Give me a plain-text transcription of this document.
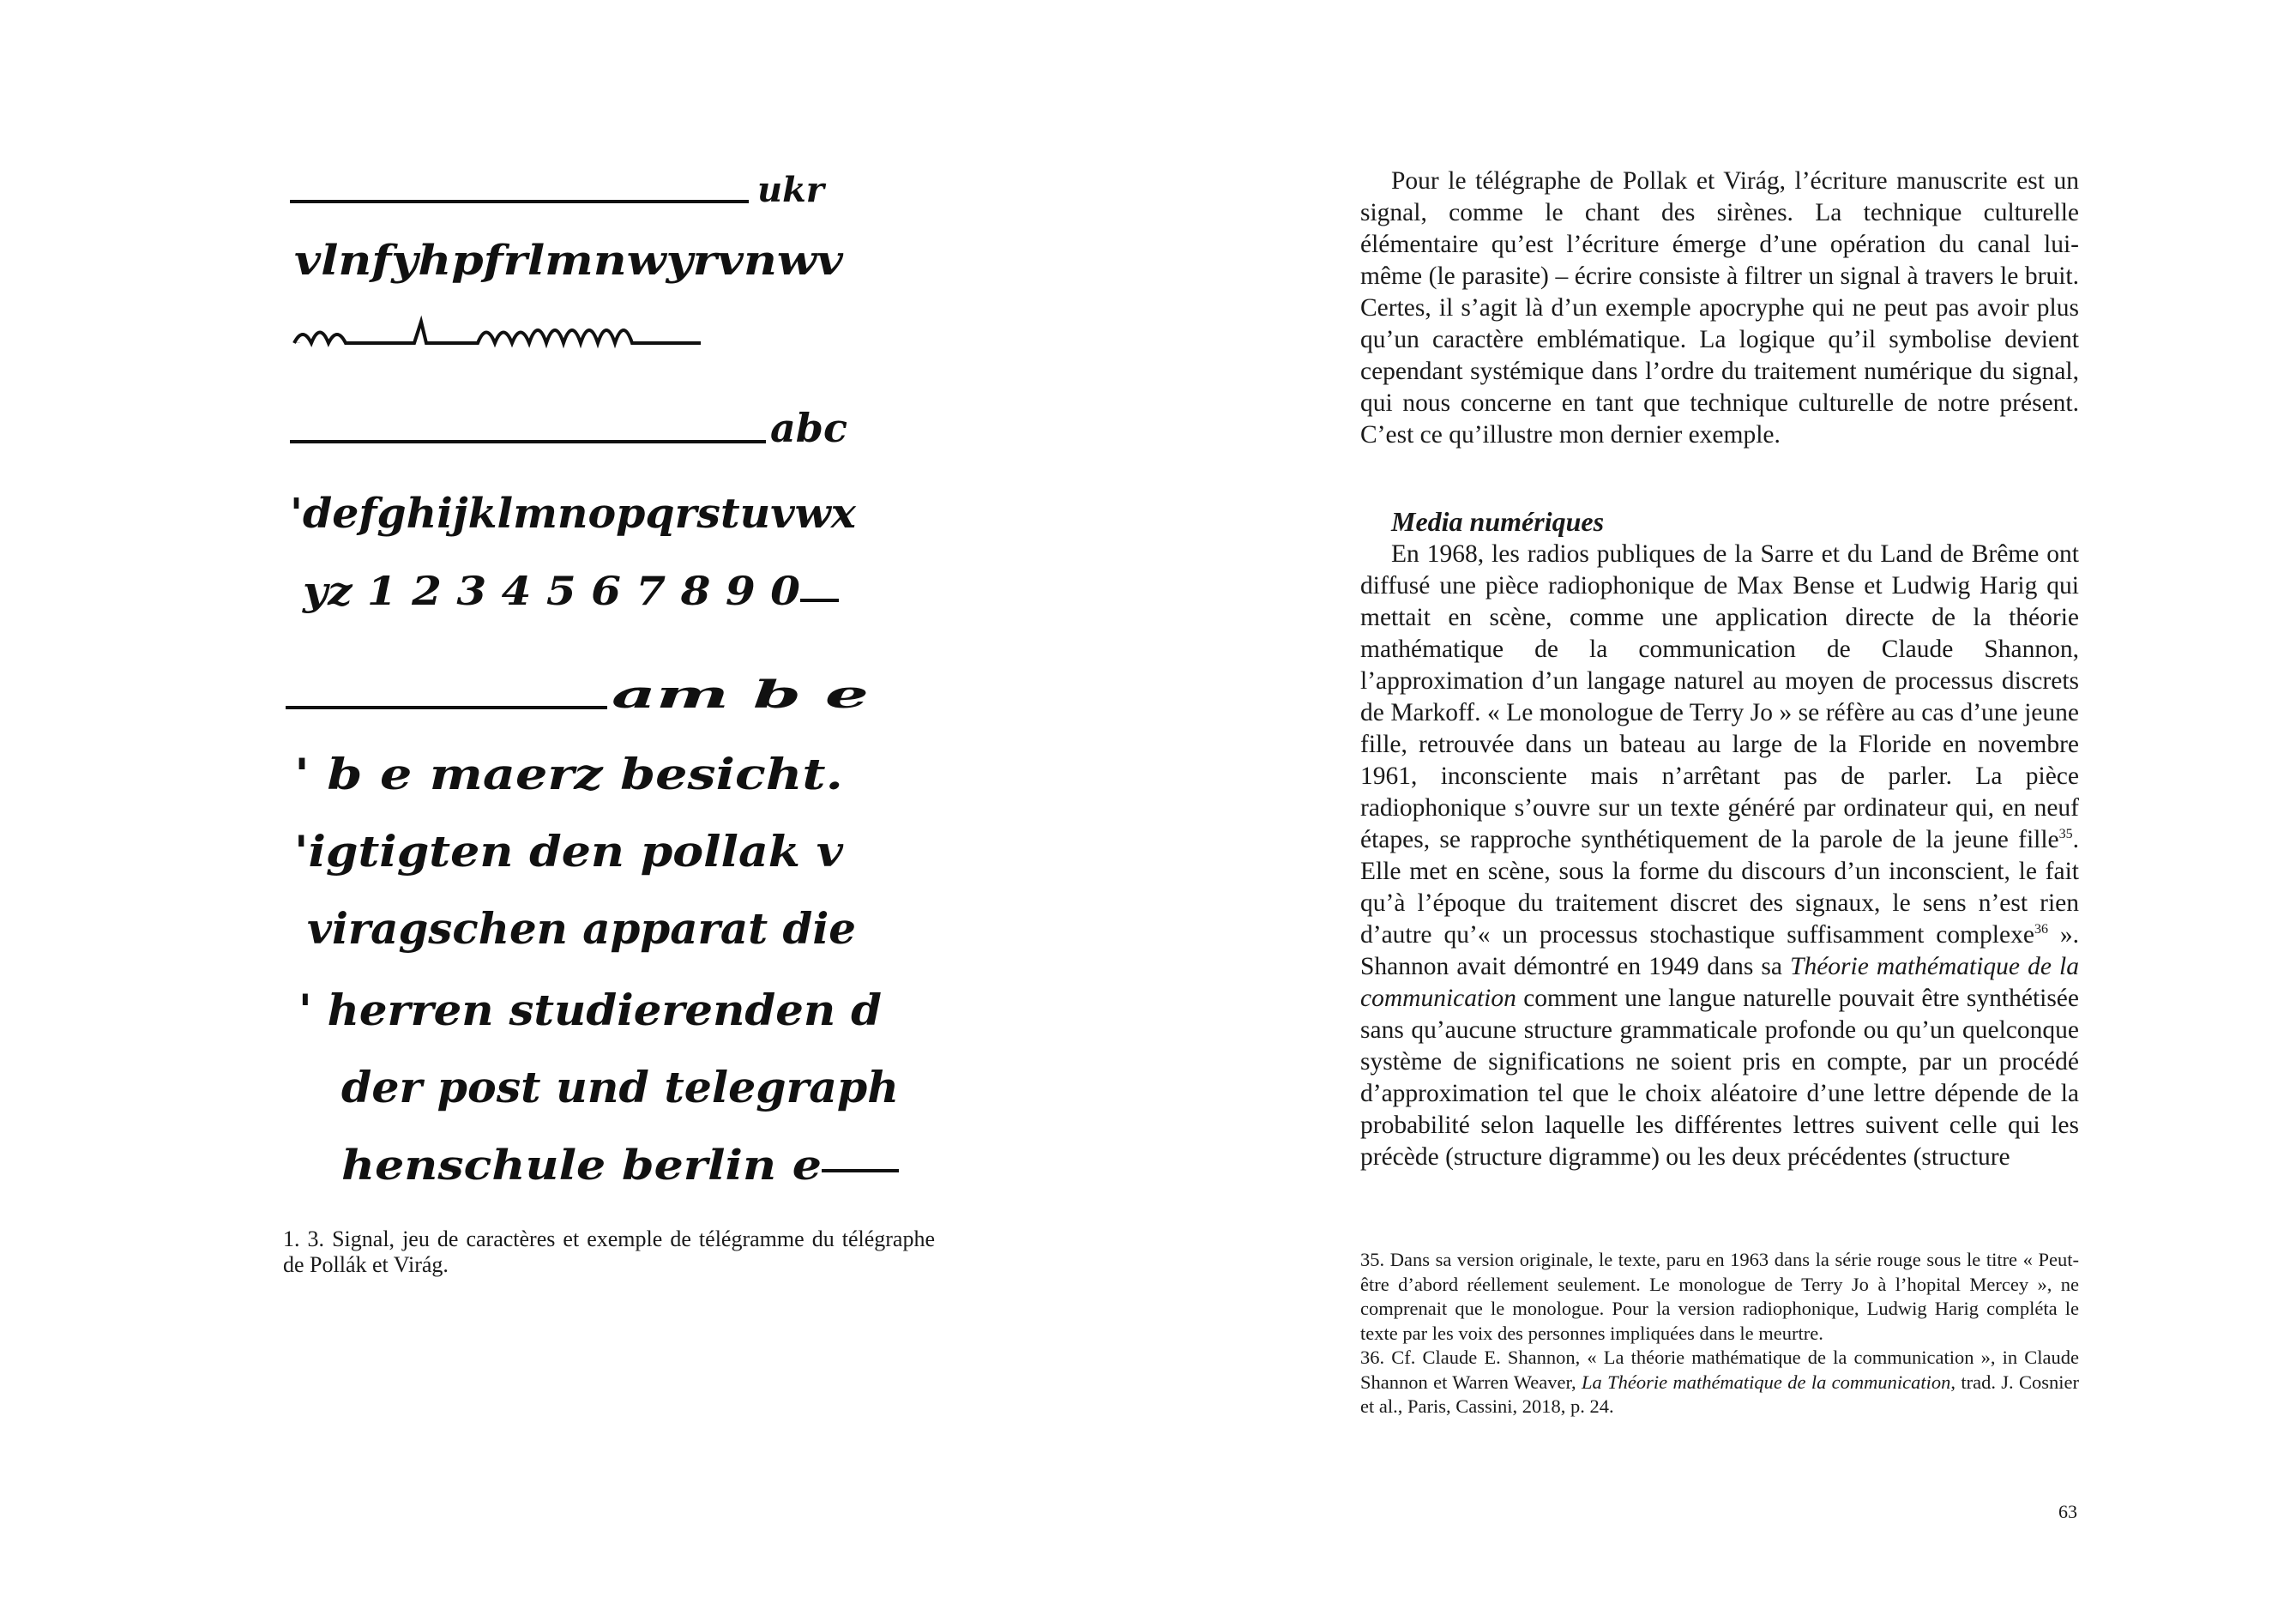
ukr
vlnfyhpfrlmnwyrvnwv
nyn f nn nM
abc
'defghijklmnopqrstuvwx
yz 1 2 3 4 5 6 7 8 9 0
am b e
' b e maerz besicht.
'igtigten den pollak v
viragschen apparat die
' herren studierenden d
der post und telegraph
henschule berlin e

1. 3. Signal, jeu de caractères et exemple de télégramme du télégraphe de Pollák et Virág.

Pour le télégraphe de Pollak et Virág, l’écriture manuscrite est un signal, comme le chant des sirènes. La technique culturelle élémentaire qu’est l’écriture émerge d’une opération du canal lui-même (le parasite) – écrire consiste à filtrer un signal à travers le bruit. Certes, il s’agit là d’un exemple apocryphe qui ne peut pas avoir plus qu’un caractère emblématique. La logique qu’il symbolise devient cependant systémique dans l’ordre du traitement numérique du signal, qui nous concerne en tant que technique culturelle de notre présent. C’est ce qu’illustre mon dernier exemple.

Media numériques

En 1968, les radios publiques de la Sarre et du Land de Brême ont diffusé une pièce radiophonique de Max Bense et Ludwig Harig qui mettait en scène, comme une application directe de la théorie mathématique de la communication de Claude Shannon, l’approximation d’un langage naturel au moyen de processus discrets de Markoff. « Le monologue de Terry Jo » se réfère au cas d’une jeune fille, retrouvée dans un bateau au large de la Floride en novembre 1961, inconsciente mais n’arrêtant pas de parler. La pièce radiophonique s’ouvre sur un texte généré par ordinateur qui, en neuf étapes, se rapproche synthétiquement de la parole de la jeune fille$^{35}$. Elle met en scène, sous la forme du discours d’un inconscient, le fait qu’à l’époque du traitement discret des signaux, le sens n’est rien d’autre qu’« un processus stochastique suffisamment complexe$^{36}$ ». Shannon avait démontré en 1949 dans sa Théorie mathématique de la communication comment une langue naturelle pouvait être synthétisée sans qu’aucune structure grammaticale profonde ou qu’un quelconque système de significations ne soient pris en compte, par un procédé d’approximation tel que le choix aléatoire d’une lettre dépende de la probabilité selon laquelle les différentes lettres suivent celle qui les précède (structure digramme) ou les deux précédentes (structure

35. Dans sa version originale, le texte, paru en 1963 dans la série rouge sous le titre « Peut-être d’abord réellement seulement. Le monologue de Terry Jo à l’hopital Mercey », ne comprenait que le monologue. Pour la version radiophonique, Ludwig Harig compléta le texte par les voix des personnes impliquées dans le meurtre.

36. Cf. Claude E. Shannon, « La théorie mathématique de la communication », in Claude Shannon et Warren Weaver, La Théorie mathématique de la communication, trad. J. Cosnier et al., Paris, Cassini, 2018, p. 24.

63
